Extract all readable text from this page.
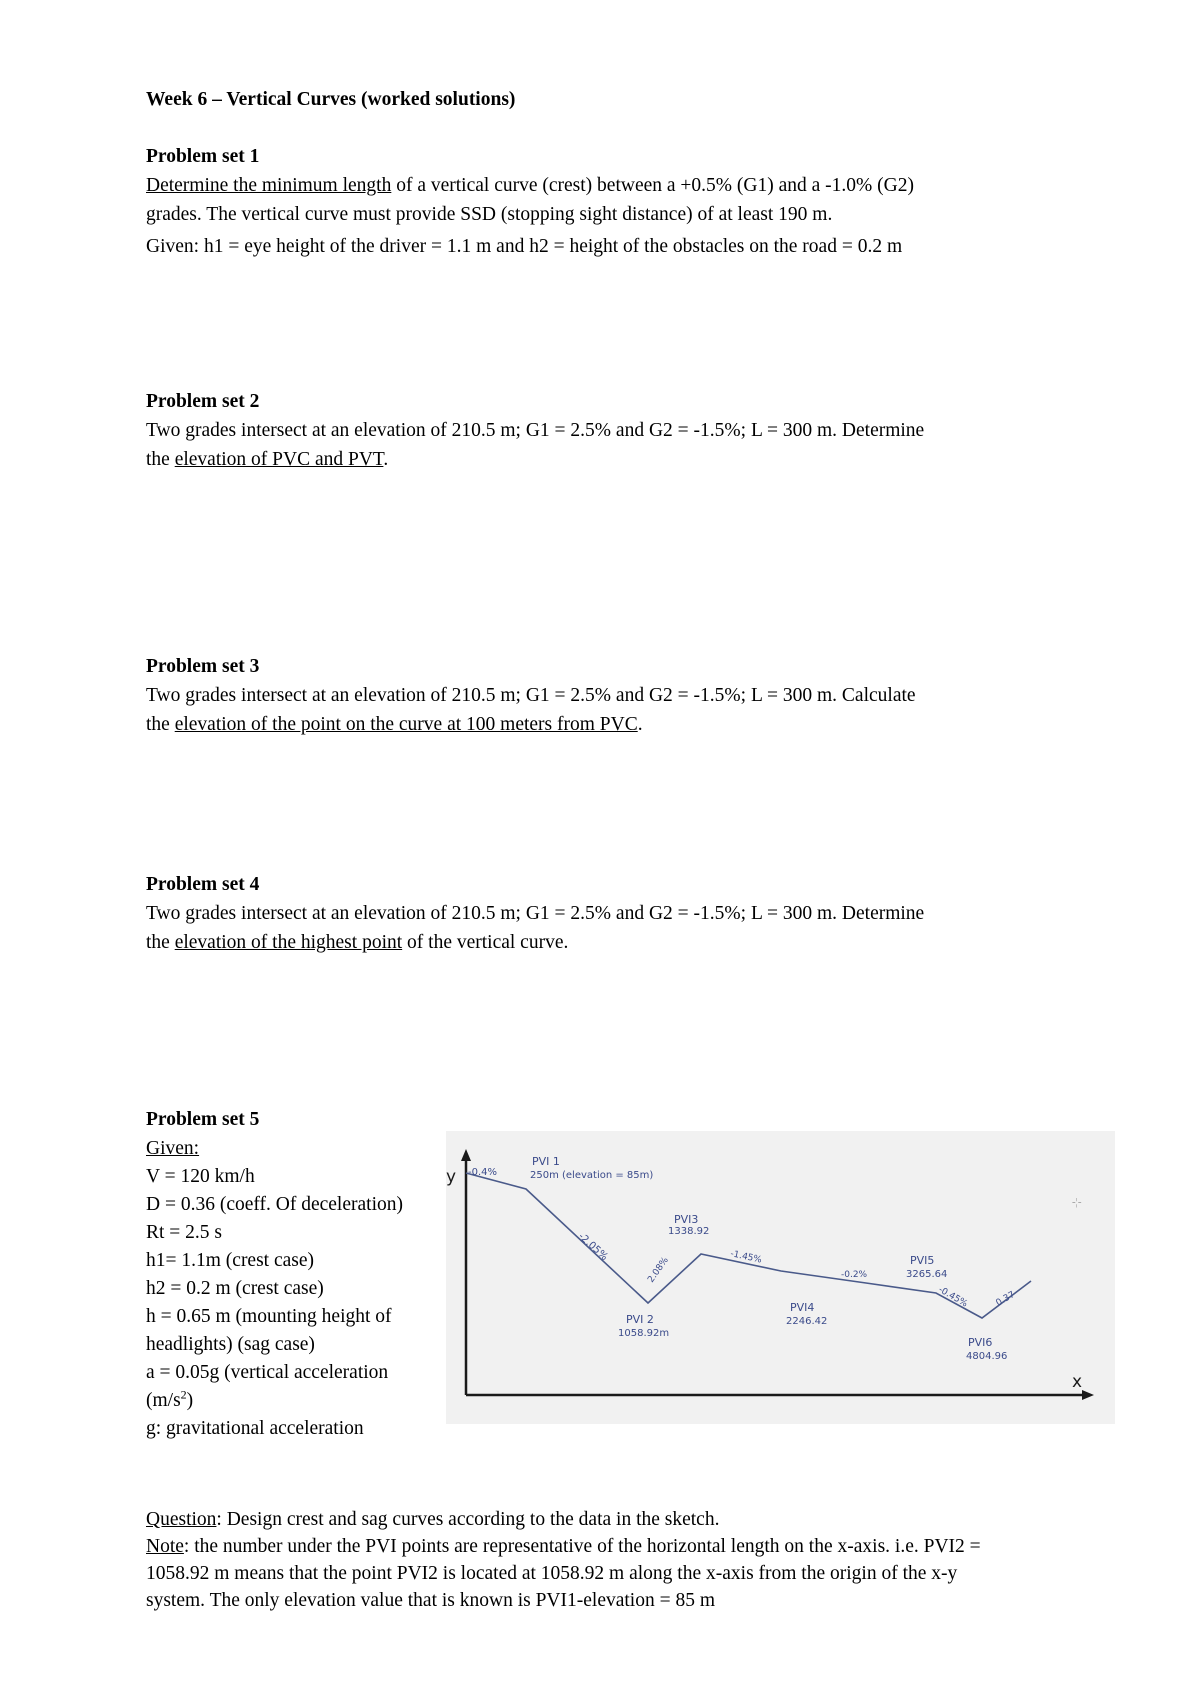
Week 6 – Vertical Curves (worked solutions)
Problem set 1
Determine the minimum length of a vertical curve (crest) between a +0.5% (G1) and a -1.0% (G2)
grades. The vertical curve must provide SSD (stopping sight distance) of at least 190 m.
Given: h1 = eye height of the driver = 1.1 m and h2 = height of the obstacles on the road = 0.2 m
Problem set 2
Two grades intersect at an elevation of 210.5 m; G1 = 2.5% and G2 = -1.5%; L = 300 m. Determine
the elevation of PVC and PVT.
Problem set 3
Two grades intersect at an elevation of 210.5 m; G1 = 2.5% and G2 = -1.5%; L = 300 m. Calculate
the elevation of the point on the curve at 100 meters from PVC.
Problem set 4
Two grades intersect at an elevation of 210.5 m; G1 = 2.5% and G2 = -1.5%; L = 300 m. Determine
the elevation of the highest point of the vertical curve.
Problem set 5
Given:
V = 120 km/h
D = 0.36 (coeff. Of deceleration)
Rt = 2.5 s
h1= 1.1m (crest case)
h2 = 0.2 m (crest case)
h = 0.65 m (mounting height of headlights) (sag case)
a = 0.05g (vertical acceleration $(m/s^2)$
g: gravitational acceleration
y
x
-¦-
-0.4%
-2.05%
2.08%	-1.45%
-0.2%
-0.45%	0.37
PVI 1
250m (elevation = 85m)
PVI3
1338.92
PVI 2
1058.92m
PVI4
2246.42
PVI5
3265.64
PVI6
4804.96
Question: Design crest and sag curves according to the data in the sketch.
Note: the number under the PVI points are representative of the horizontal length on the x-axis. i.e. PVI2 =
1058.92 m means that the point PVI2 is located at 1058.92 m along the x-axis from the origin of the x-y
system. The only elevation value that is known is PVI1-elevation = 85 m
